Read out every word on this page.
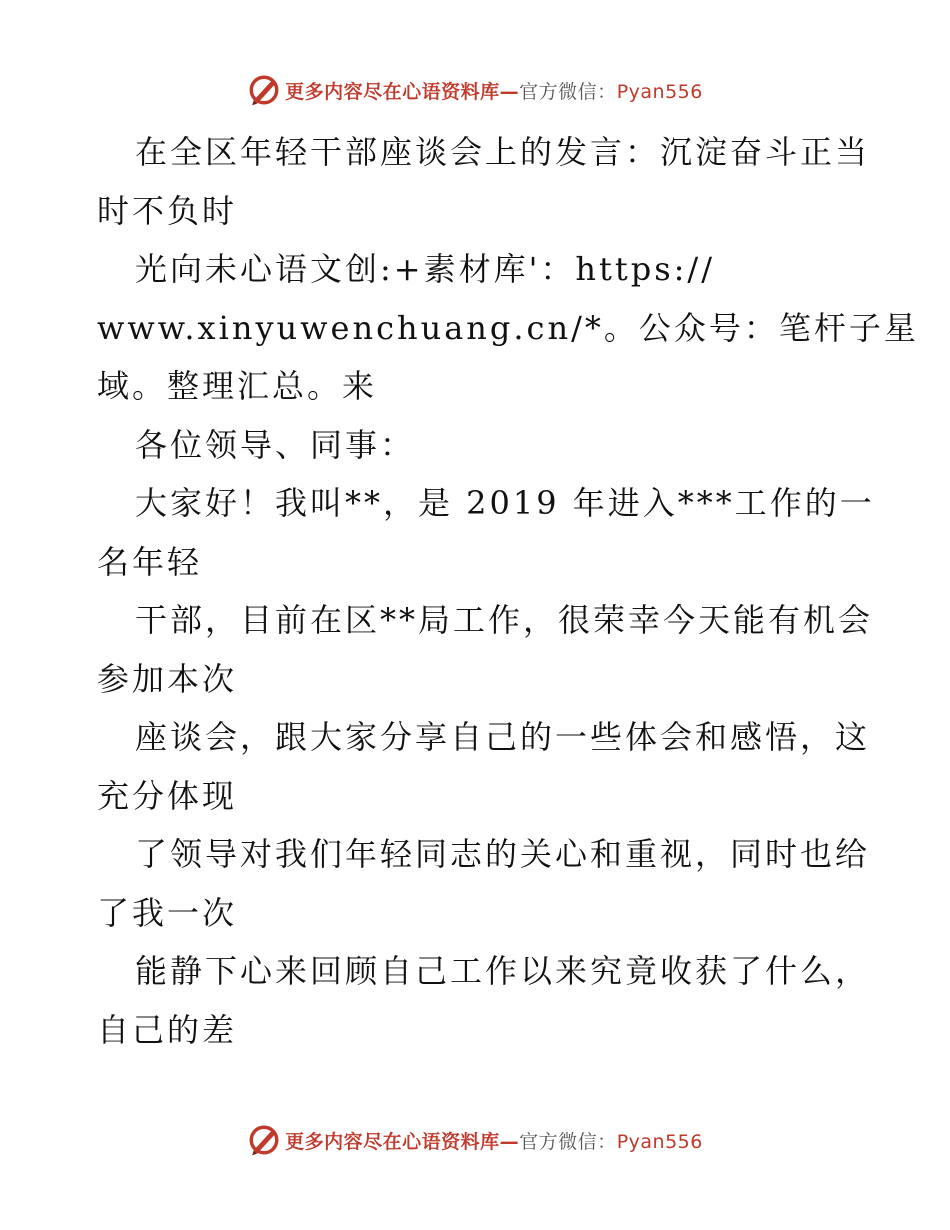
更多内容尽在心语资料库—官方微信：Pyan556
在全区年轻干部座谈会上的发言：沉淀奋斗正当
时不负时
光向未心语文创:+素材库'：https://
www.xinyuwenchuang.cn/*。公众号：笔杆子星
域。整理汇总。来
各位领导、同事：
大家好！我叫**，是 2019 年进入***工作的一
名年轻
干部，目前在区**局工作，很荣幸今天能有机会
参加本次
座谈会，跟大家分享自己的一些体会和感悟，这
充分体现
了领导对我们年轻同志的关心和重视，同时也给
了我一次
能静下心来回顾自己工作以来究竟收获了什么，
自己的差
更多内容尽在心语资料库—官方微信：Pyan556
